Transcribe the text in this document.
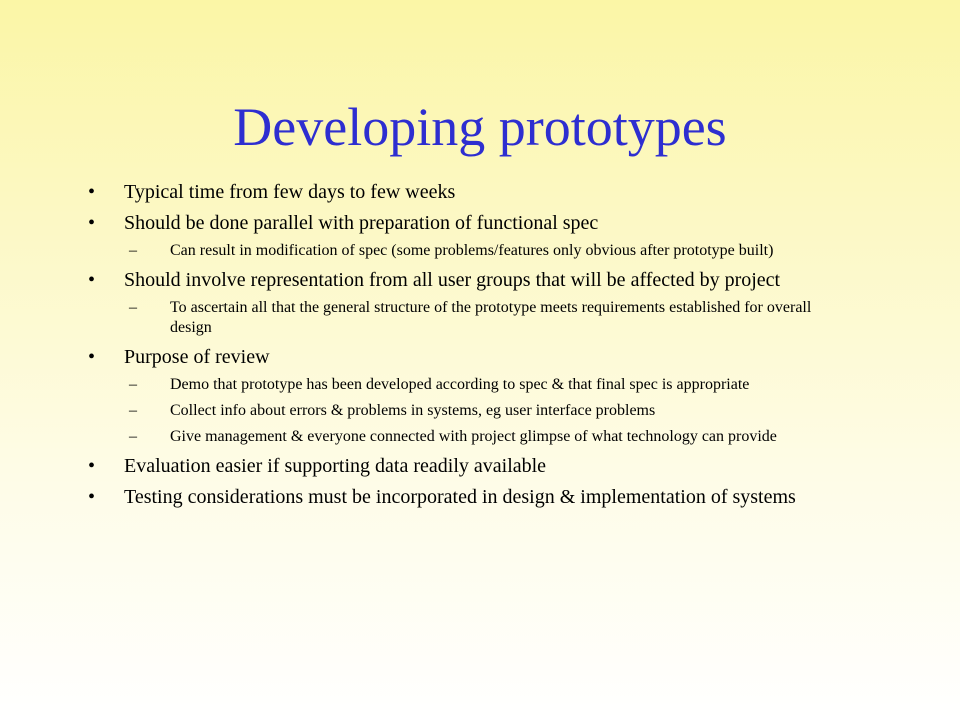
Developing prototypes
• Typical time from few days to few weeks
• Should be done parallel with preparation of functional spec
– Can result in modification of spec (some problems/features only obvious after prototype built)
• Should involve representation from all user groups that will be affected by project
– To ascertain all that the general structure of the prototype meets requirements established for overall design
• Purpose of review
– Demo that prototype has been developed according to spec & that final spec is appropriate
– Collect info about errors & problems in systems, eg user interface problems
– Give management & everyone connected with project glimpse of what technology can provide
• Evaluation easier if supporting data readily available
• Testing considerations must be incorporated in design & implementation of systems
